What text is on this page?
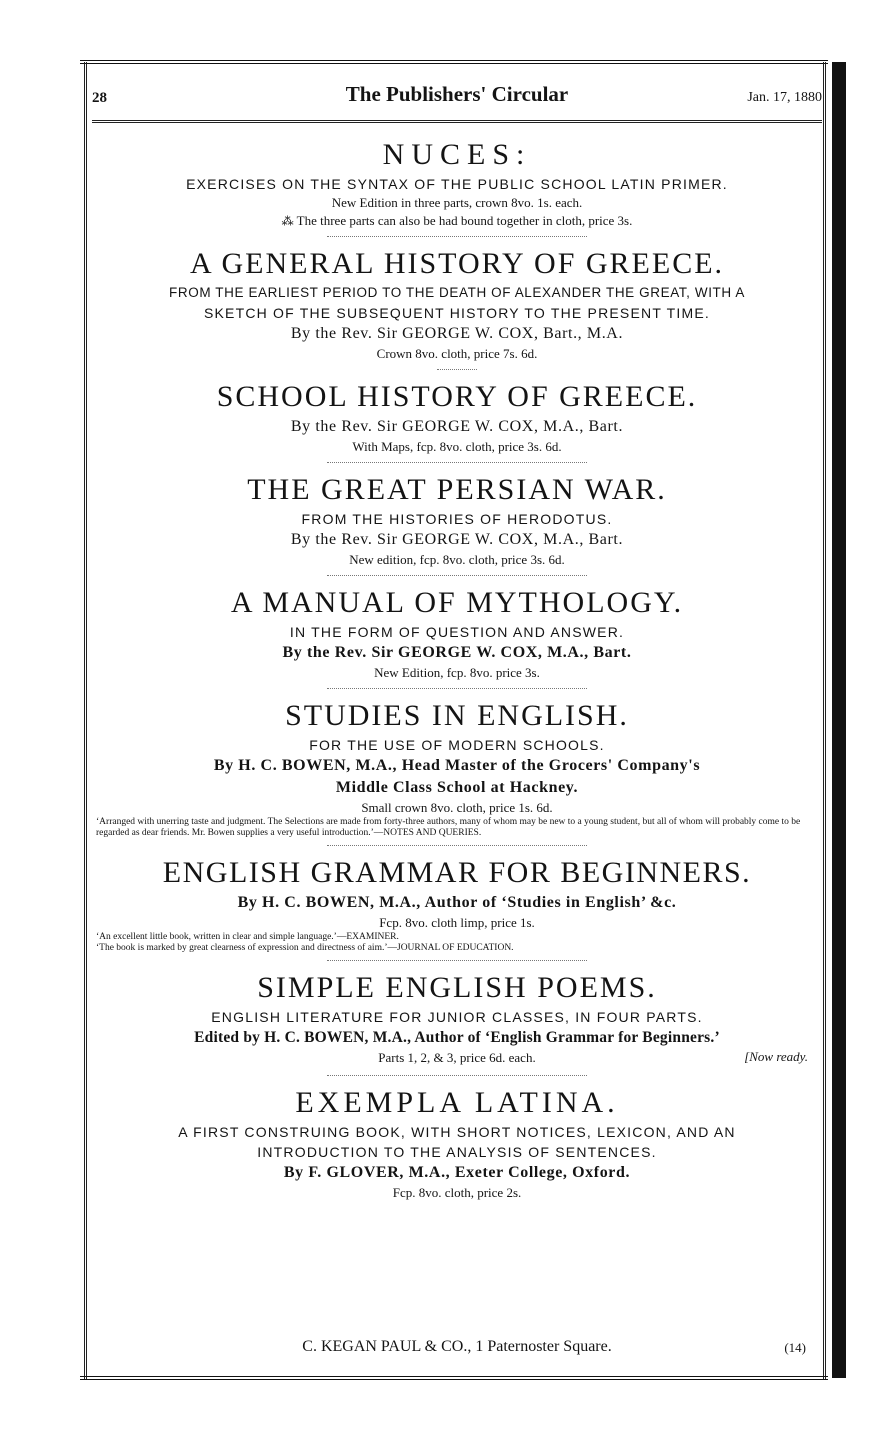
28	The Publishers' Circular	Jan. 17, 1880
NUCES:
EXERCISES ON THE SYNTAX OF THE PUBLIC SCHOOL LATIN PRIMER.
New Edition in three parts, crown 8vo. 1s. each.
⁂ The three parts can also be had bound together in cloth, price 3s.
A GENERAL HISTORY OF GREECE.
FROM THE EARLIEST PERIOD TO THE DEATH OF ALEXANDER THE GREAT, WITH A
SKETCH OF THE SUBSEQUENT HISTORY TO THE PRESENT TIME.
By the Rev. Sir GEORGE W. COX, Bart., M.A.
Crown 8vo. cloth, price 7s. 6d.
SCHOOL HISTORY OF GREECE.
By the Rev. Sir GEORGE W. COX, M.A., Bart.
With Maps, fcp. 8vo. cloth, price 3s. 6d.
THE GREAT PERSIAN WAR.
FROM THE HISTORIES OF HERODOTUS.
By the Rev. Sir GEORGE W. COX, M.A., Bart.
New edition, fcp. 8vo. cloth, price 3s. 6d.
A MANUAL OF MYTHOLOGY.
IN THE FORM OF QUESTION AND ANSWER.
By the Rev. Sir GEORGE W. COX, M.A., Bart.
New Edition, fcp. 8vo. price 3s.
STUDIES IN ENGLISH.
FOR THE USE OF MODERN SCHOOLS.
By H. C. BOWEN, M.A., Head Master of the Grocers' Company's
Middle Class School at Hackney.
Small crown 8vo. cloth, price 1s. 6d.
‘Arranged with unerring taste and judgment. The Selections are made from forty-three authors, many of whom may be new to a young student, but all of whom will probably come to be regarded as dear friends. Mr. Bowen supplies a very useful introduction.’—NOTES AND QUERIES.
ENGLISH GRAMMAR FOR BEGINNERS.
By H. C. BOWEN, M.A., Author of ‘Studies in English’ &c.
Fcp. 8vo. cloth limp, price 1s.
‘An excellent little book, written in clear and simple language.’—EXAMINER.
‘The book is marked by great clearness of expression and directness of aim.’—JOURNAL OF EDUCATION.
SIMPLE ENGLISH POEMS.
ENGLISH LITERATURE FOR JUNIOR CLASSES, IN FOUR PARTS.
Edited by H. C. BOWEN, M.A., Author of ‘English Grammar for Beginners.’
Parts 1, 2, & 3, price 6d. each.	[Now ready.
EXEMPLA LATINA.
A FIRST CONSTRUING BOOK, WITH SHORT NOTICES, LEXICON, AND AN
INTRODUCTION TO THE ANALYSIS OF SENTENCES.
By F. GLOVER, M.A., Exeter College, Oxford.
Fcp. 8vo. cloth, price 2s.
C. KEGAN PAUL & CO., 1 Paternoster Square.	(14)
